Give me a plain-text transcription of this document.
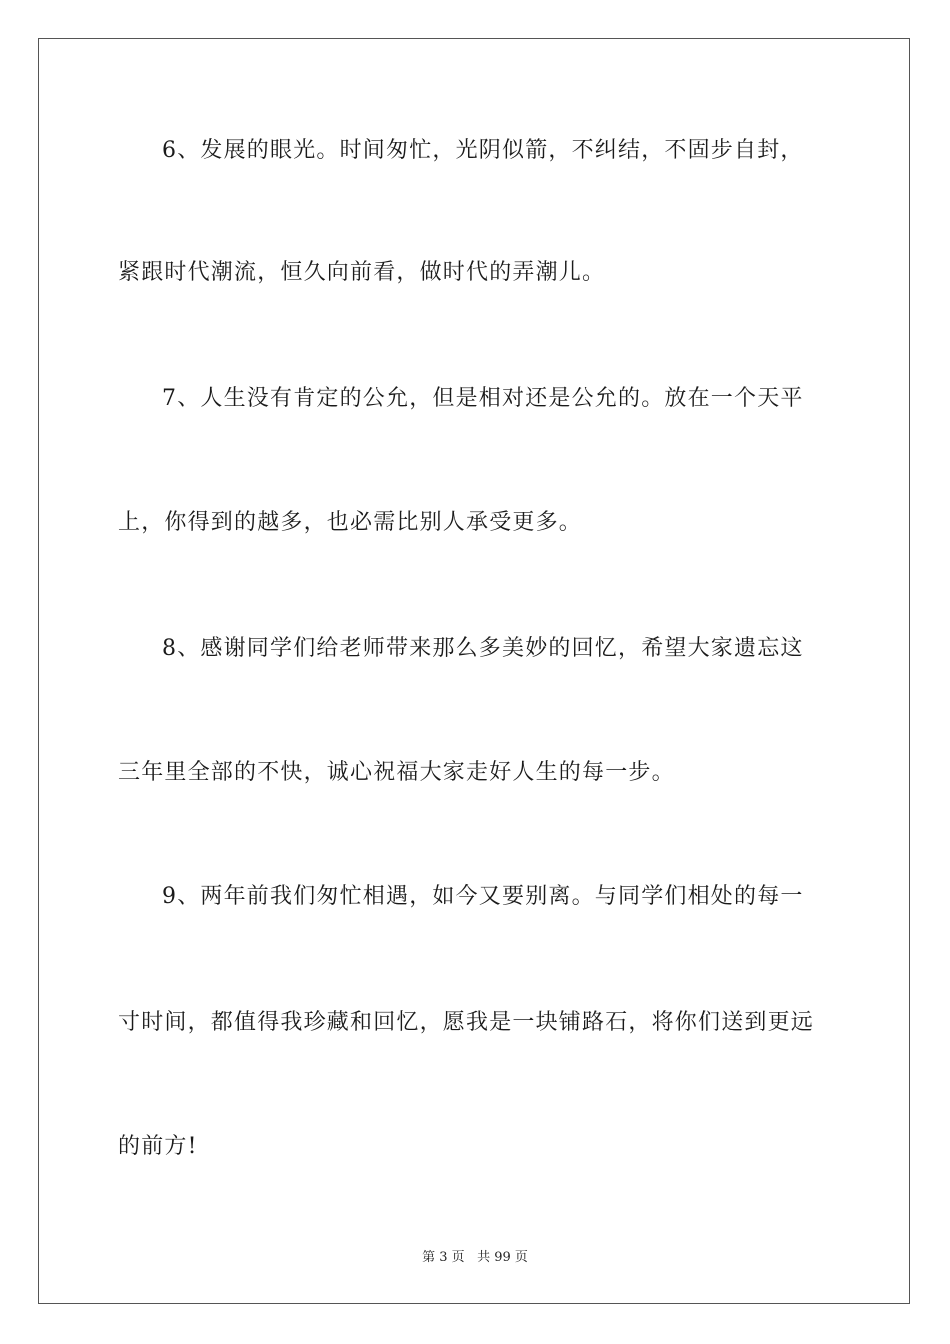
6、发展的眼光。时间匆忙，光阴似箭，不纠结，不固步自封，
紧跟时代潮流，恒久向前看，做时代的弄潮儿。
7、人生没有肯定的公允，但是相对还是公允的。放在一个天平
上，你得到的越多，也必需比别人承受更多。
8、感谢同学们给老师带来那么多美妙的回忆，希望大家遗忘这
三年里全部的不快，诚心祝福大家走好人生的每一步。
9、两年前我们匆忙相遇，如今又要别离。与同学们相处的每一
寸时间，都值得我珍藏和回忆，愿我是一块铺路石，将你们送到更远
的前方!
第 3 页 共 99 页
